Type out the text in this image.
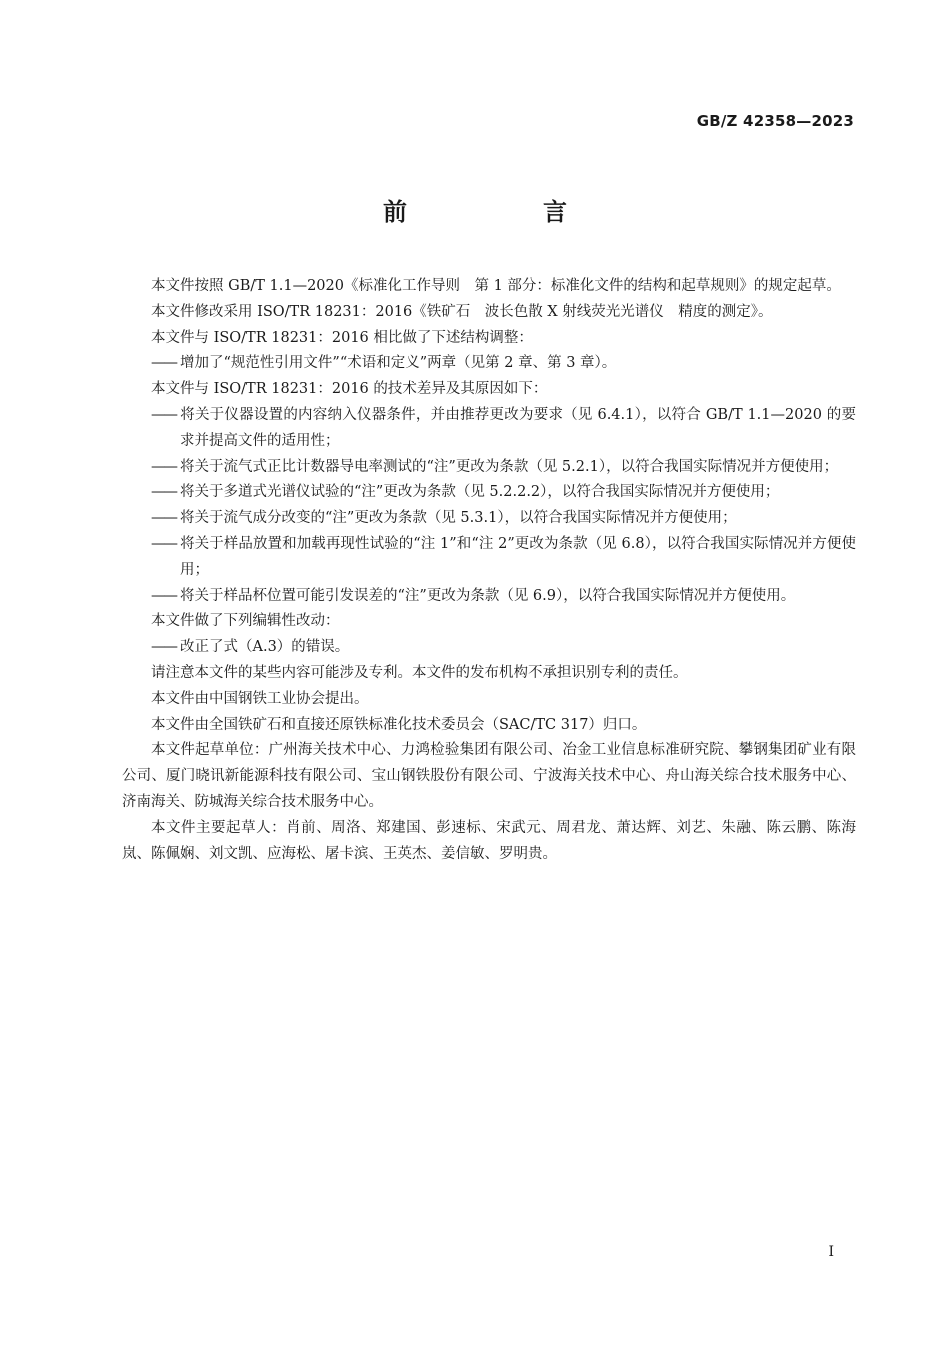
GB/Z 42358—2023
前　言

本文件按照 GB/T 1.1—2020《标准化工作导则　第 1 部分：标准化文件的结构和起草规则》的规定起草。

本文件修改采用 ISO/TR 18231：2016《铁矿石　波长色散 X 射线荧光光谱仪　精度的测定》。

本文件与 ISO/TR 18231：2016 相比做了下述结构调整：

—— 增加了“规范性引用文件”“术语和定义”两章（见第 2 章、第 3 章）。

本文件与 ISO/TR 18231：2016 的技术差异及其原因如下：

—— 将关于仪器设置的内容纳入仪器条件，并由推荐更改为要求（见 6.4.1），以符合 GB/T 1.1—2020 的要求并提高文件的适用性；

—— 将关于流气式正比计数器导电率测试的“注”更改为条款（见 5.2.1），以符合我国实际情况并方便使用；

—— 将关于多道式光谱仪试验的“注”更改为条款（见 5.2.2.2），以符合我国实际情况并方便使用；

—— 将关于流气成分改变的“注”更改为条款（见 5.3.1），以符合我国实际情况并方便使用；

—— 将关于样品放置和加载再现性试验的“注 1”和“注 2”更改为条款（见 6.8），以符合我国实际情况并方便使用；

—— 将关于样品杯位置可能引发误差的“注”更改为条款（见 6.9），以符合我国实际情况并方便使用。

本文件做了下列编辑性改动：

—— 改正了式（A.3）的错误。

请注意本文件的某些内容可能涉及专利。本文件的发布机构不承担识别专利的责任。

本文件由中国钢铁工业协会提出。

本文件由全国铁矿石和直接还原铁标准化技术委员会（SAC/TC 317）归口。

本文件起草单位：广州海关技术中心、力鸿检验集团有限公司、冶金工业信息标准研究院、攀钢集团矿业有限公司、厦门晓讯新能源科技有限公司、宝山钢铁股份有限公司、宁波海关技术中心、舟山海关综合技术服务中心、济南海关、防城海关综合技术服务中心。

本文件主要起草人：肖前、周洛、郑建国、彭速标、宋武元、周君龙、萧达辉、刘艺、朱融、陈云鹏、陈海岚、陈佩娴、刘文凯、应海松、屠卡滨、王英杰、姜信敏、罗明贵。

I
